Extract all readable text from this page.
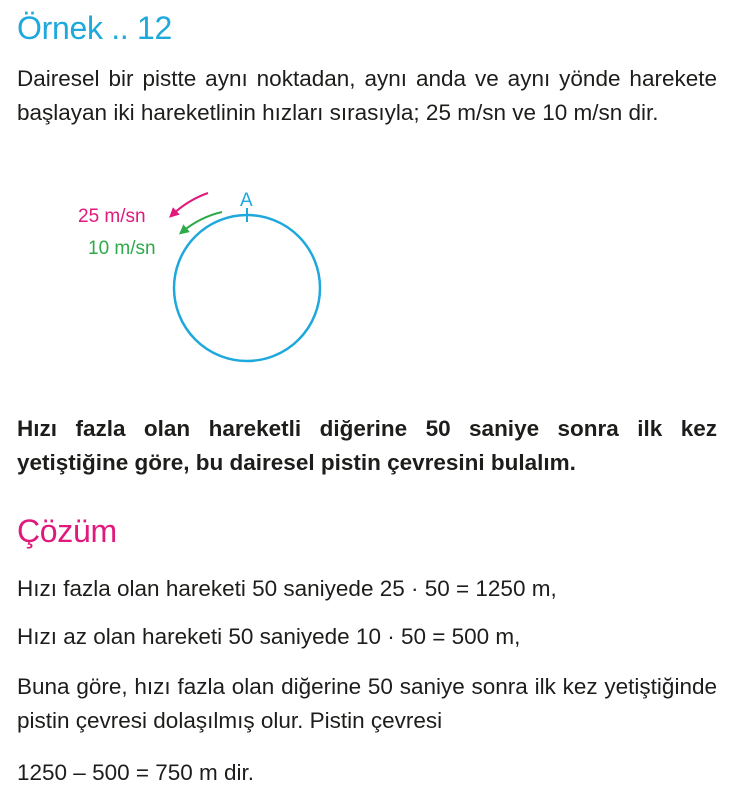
Örnek .. 12

Dairesel bir pistte aynı noktadan, aynı anda ve aynı yönde harekete başlayan iki hareketlinin hızları sırasıyla; 25 m/sn ve 10 m/sn dir.

A
25 m/sn
10 m/sn

Hızı fazla olan hareketli diğerine 50 saniye sonra ilk kez yetiştiğine göre, bu dairesel pistin çevresini bulalım.

Çözüm
Hızı fazla olan hareketi 50 saniyede 25 · 50 = 1250 m,
Hızı az olan hareketi 50 saniyede 10 · 50 = 500 m,

Buna göre, hızı fazla olan diğerine 50 saniye sonra ilk kez yetiştiğinde pistin çevresi dolaşılmış olur. Pistin çevresi

1250 – 500 = 750 m dir.
